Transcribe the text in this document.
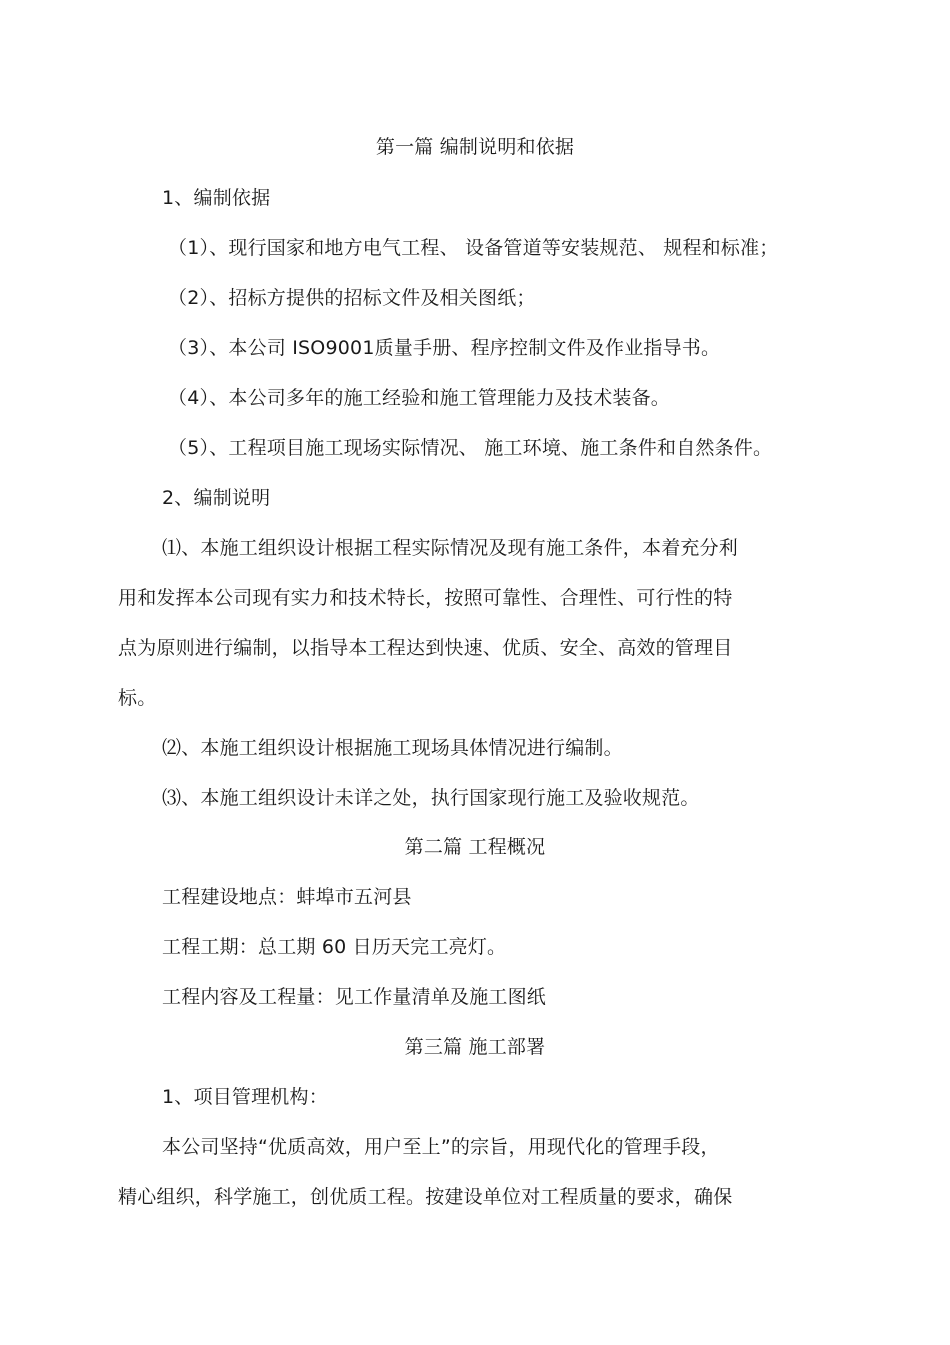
第一篇 编制说明和依据
1、编制依据
（1）、现行国家和地方电气工程、 设备管道等安装规范、 规程和标准；
（2）、招标方提供的招标文件及相关图纸；
（3）、本公司 ISO9001质量手册、程序控制文件及作业指导书。
（4）、本公司多年的施工经验和施工管理能力及技术装备。
（5）、工程项目施工现场实际情况、 施工环境、施工条件和自然条件。
2、编制说明
⑴、本施工组织设计根据工程实际情况及现有施工条件，本着充分利
用和发挥本公司现有实力和技术特长，按照可靠性、合理性、可行性的特
点为原则进行编制，以指导本工程达到快速、优质、安全、高效的管理目
标。
⑵、本施工组织设计根据施工现场具体情况进行编制。
⑶、本施工组织设计未详之处，执行国家现行施工及验收规范。
第二篇 工程概况
工程建设地点：蚌埠市五河县
工程工期：总工期 60 日历天完工亮灯。
工程内容及工程量：见工作量清单及施工图纸
第三篇 施工部署
1、项目管理机构：
本公司坚持“优质高效，用户至上”的宗旨，用现代化的管理手段，
精心组织，科学施工，创优质工程。按建设单位对工程质量的要求，确保
